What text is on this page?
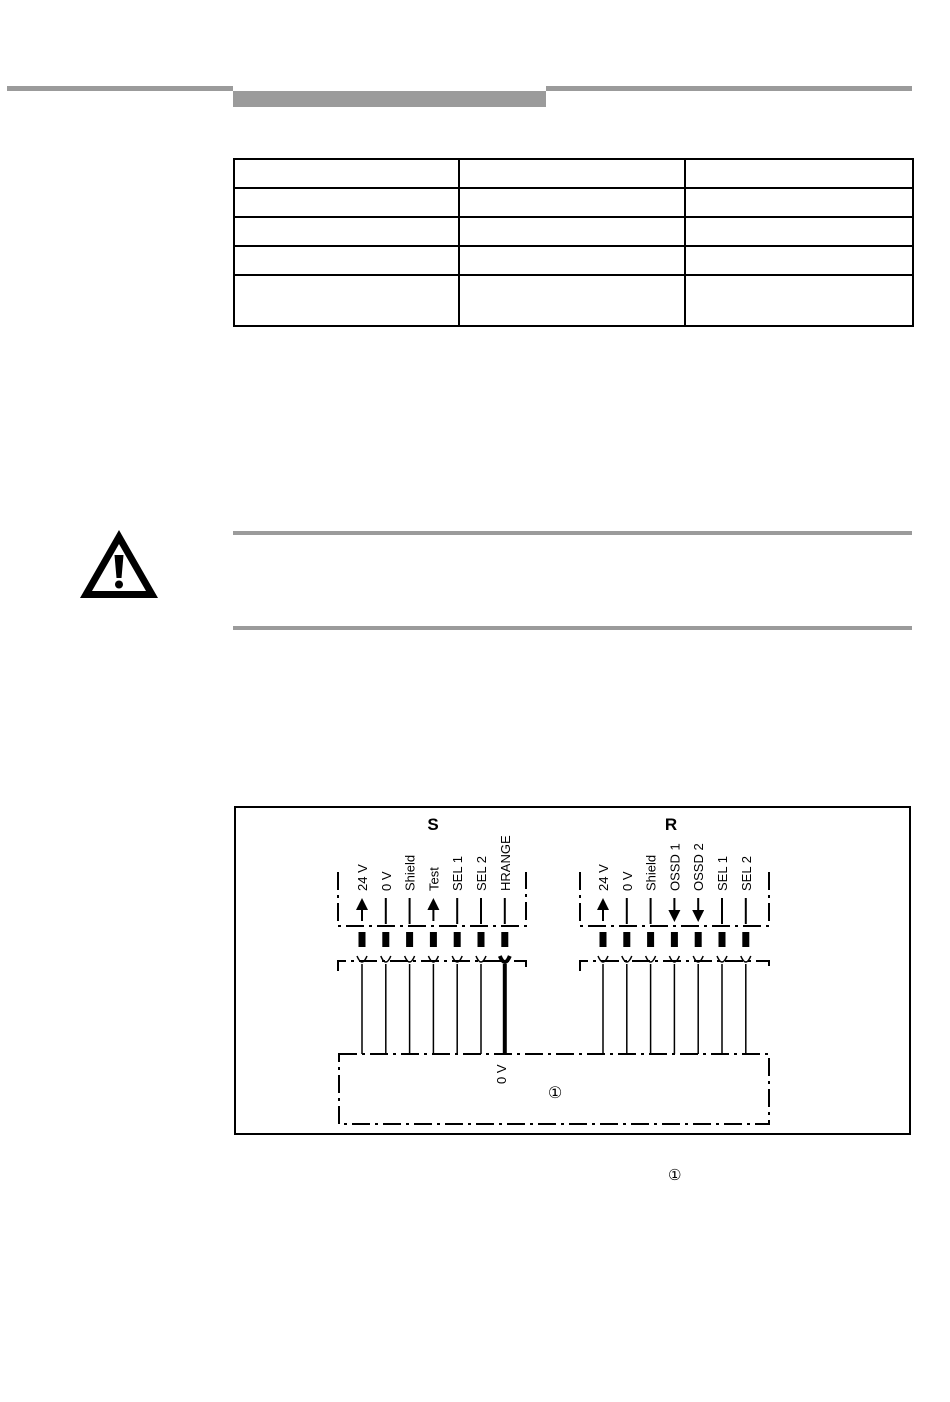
S
24 V 0 V Shield Test SEL 1 SEL 2 HRANGE
R
24 V 0 V Shield OSSD 1 OSSD 2 SEL 1 SEL 2
0 V
①
①
